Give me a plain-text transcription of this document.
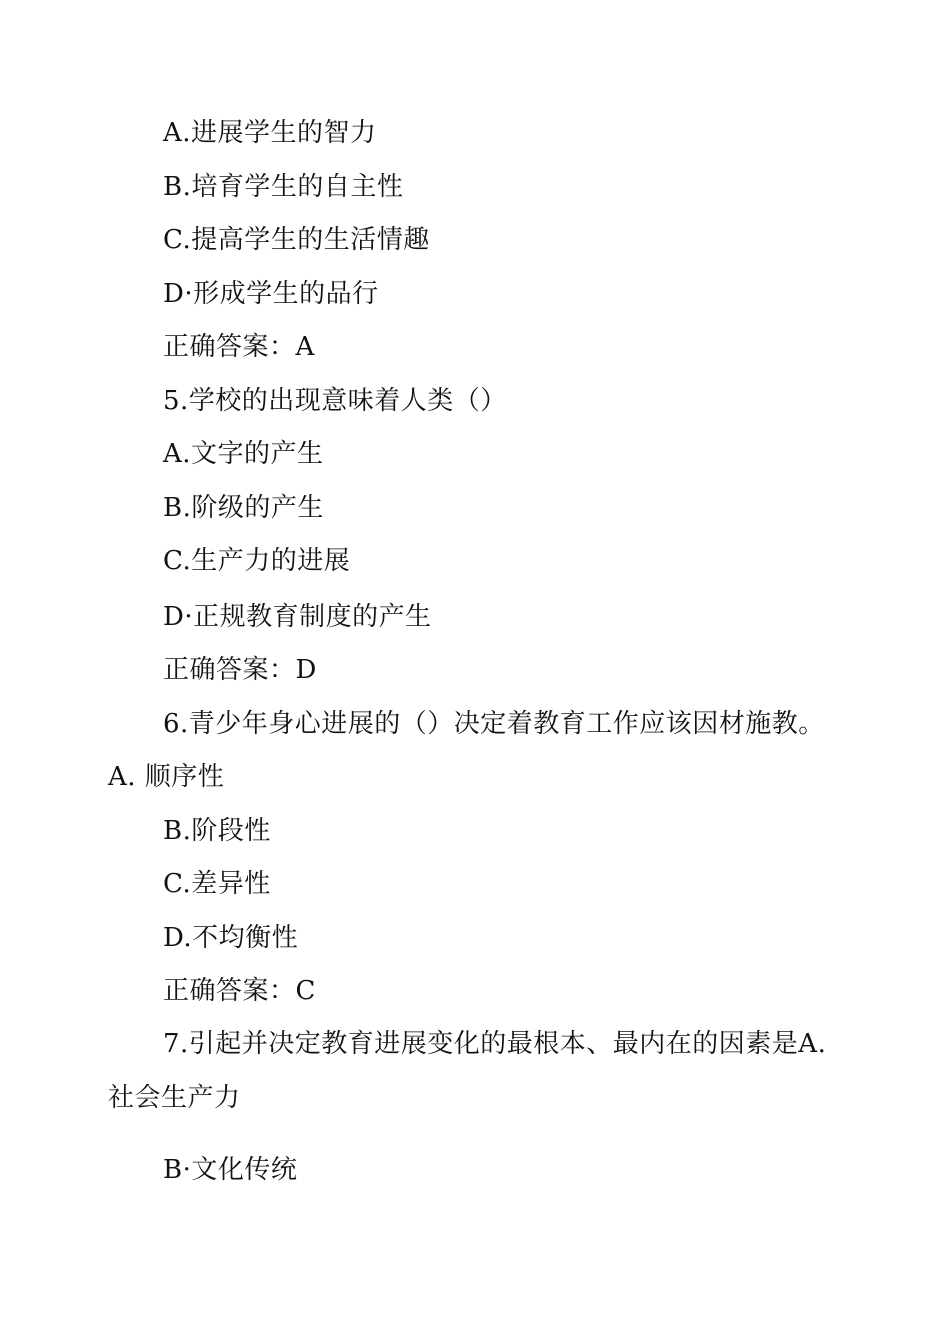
A.进展学生的智力
B.培育学生的自主性
C.提高学生的生活情趣
D·形成学生的品行
正确答案：A
5.学校的出现意味着人类（）
A.文字的产生
B.阶级的产生
C.生产力的进展
D·正规教育制度的产生
正确答案：D
6.青少年身心进展的（）决定着教育工作应该因材施教。
A. 顺序性
B.阶段性
C.差异性
D.不均衡性
正确答案：C
7.引起并决定教育进展变化的最根本、最内在的因素是A.
社会生产力
B·文化传统
